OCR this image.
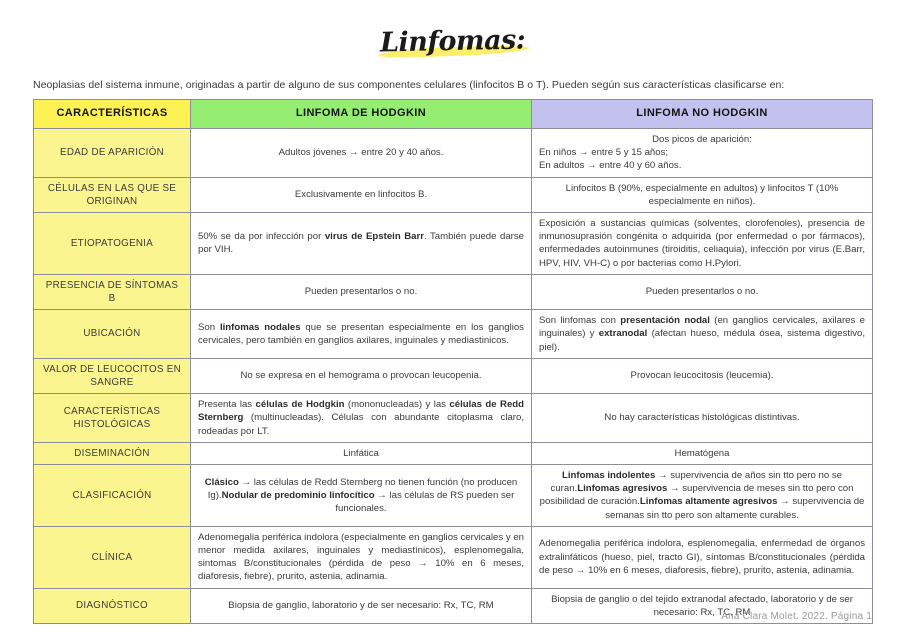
Linfomas:

Neoplasias del sistema inmune, originadas a partir de alguno de sus componentes celulares (linfocitos B o T). Pueden según sus características clasificarse en:

CARACTERÍSTICAS	LINFOMA DE HODGKIN	LINFOMA NO HODGKIN
EDAD DE APARICIÓN	Adultos jóvenes → entre 20 y 40 años.	Dos picos de aparición:
En niños → entre 5 y 15 años;
En adultos → entre 40 y 60 años.

CÉLULAS EN LAS QUE SE ORIGINAN	Exclusivamente en linfocitos B.	Linfocitos B (90%, especialmente en adultos) y linfocitos T (10% especialmente en niños).
ETIOPATOGENIA	50% se da por infección por virus de Epstein Barr. También puede darse por VIH.	Exposición a sustancias químicas (solventes, clorofenoles), presencia de inmunosuprasión congénita o adquirida (por enfermedad o por fármacos), enfermedades autoinmunes (tiroiditis, celiaquia), infección por virus (E.Barr, HPV, HIV, VH-C) o por bacterias como H.Pylori.
PRESENCIA DE SÍNTOMAS B	Pueden presentarlos o no.	Pueden presentarlos o no.
UBICACIÓN	Son linfomas nodales que se presentan especialmente en los ganglios cervicales, pero también en ganglios axilares, inguinales y mediastinicos.	Son linfomas con presentación nodal (en ganglios cervicales, axilares e inguinales) y extranodal (afectan hueso, médula ósea, sistema digestivo, piel).
VALOR DE LEUCOCITOS EN SANGRE	No se expresa en el hemograma o provocan leucopenia.	Provocan leucocitosis (leucemia).
CARACTERÍSTICAS HISTOLÓGICAS	Presenta las células de Hodgkin (mononucleadas) y las células de Redd Sternberg (multinucleadas). Células con abundante citoplasma claro, rodeadas por LT.	No hay características histológicas distintivas.
DISEMINACIÓN	Linfática	Hematógena
CLASIFICACIÓN	Clásico → las células de Redd Sternberg no tienen función (no producen Ig).Nodular de predominio linfocítico → las células de RS pueden ser funcionales.	Linfomas indolentes → supervivencia de años sin tto pero no se curan.Linfomas agresivos → supervivencia de meses sin tto pero con posibilidad de curación.Linfomas altamente agresivos → supervivencia de semanas sin tto pero son altamente curables.
CLÍNICA	Adenomegalia periférica indolora (especialmente en ganglios cervicales y en menor medida axilares, inguinales y mediastínicos), esplenomegalia, sintomas B/constitucionales (pérdida de peso → 10% en 6 meses, diaforesis, fiebre), prurito, astenia, adinamia.	Adenomegalia periférica indolora, esplenomegalia, enfermedad de órganos extralinfáticos (hueso, piel, tracto GI), síntomas B/constitucionales (pérdida de peso → 10% en 6 meses, diaforesis, fiebre), prurito, astenia, adinamia.
DIAGNÓSTICO	Biopsia de ganglio, laboratorio y de ser necesario: Rx, TC, RM	Biopsia de ganglio o del tejido extranodal afectado, laboratorio y de ser necesario: Rx, TC, RM
Ana Clara Molet. 2022. Página 1
